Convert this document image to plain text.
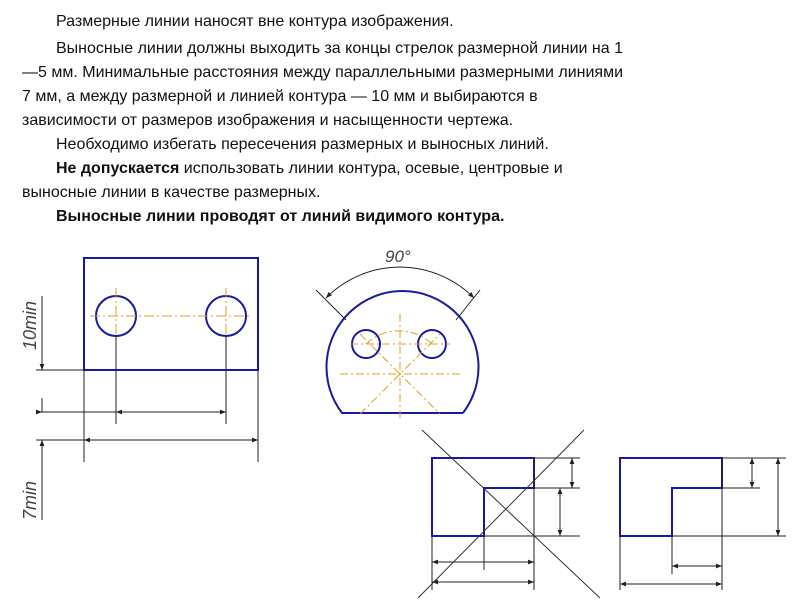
Размерные линии наносят вне контура изображения.
Выносные линии должны выходить за концы стрелок размерной линии на 1
—5 мм. Минимальные расстояния между параллельными размерными линиями
7 мм, а между размерной и линией контура — 10 мм и выбираются в
зависимости от размеров изображения и насыщенности чертежа.
Необходимо избегать пересечения размерных и выносных линий.
Не допускается использовать линии контура, осевые, центровые и
выносные линии в качестве размерных.
Выносные линии проводят от линий видимого контура.
10min
7min
90°
